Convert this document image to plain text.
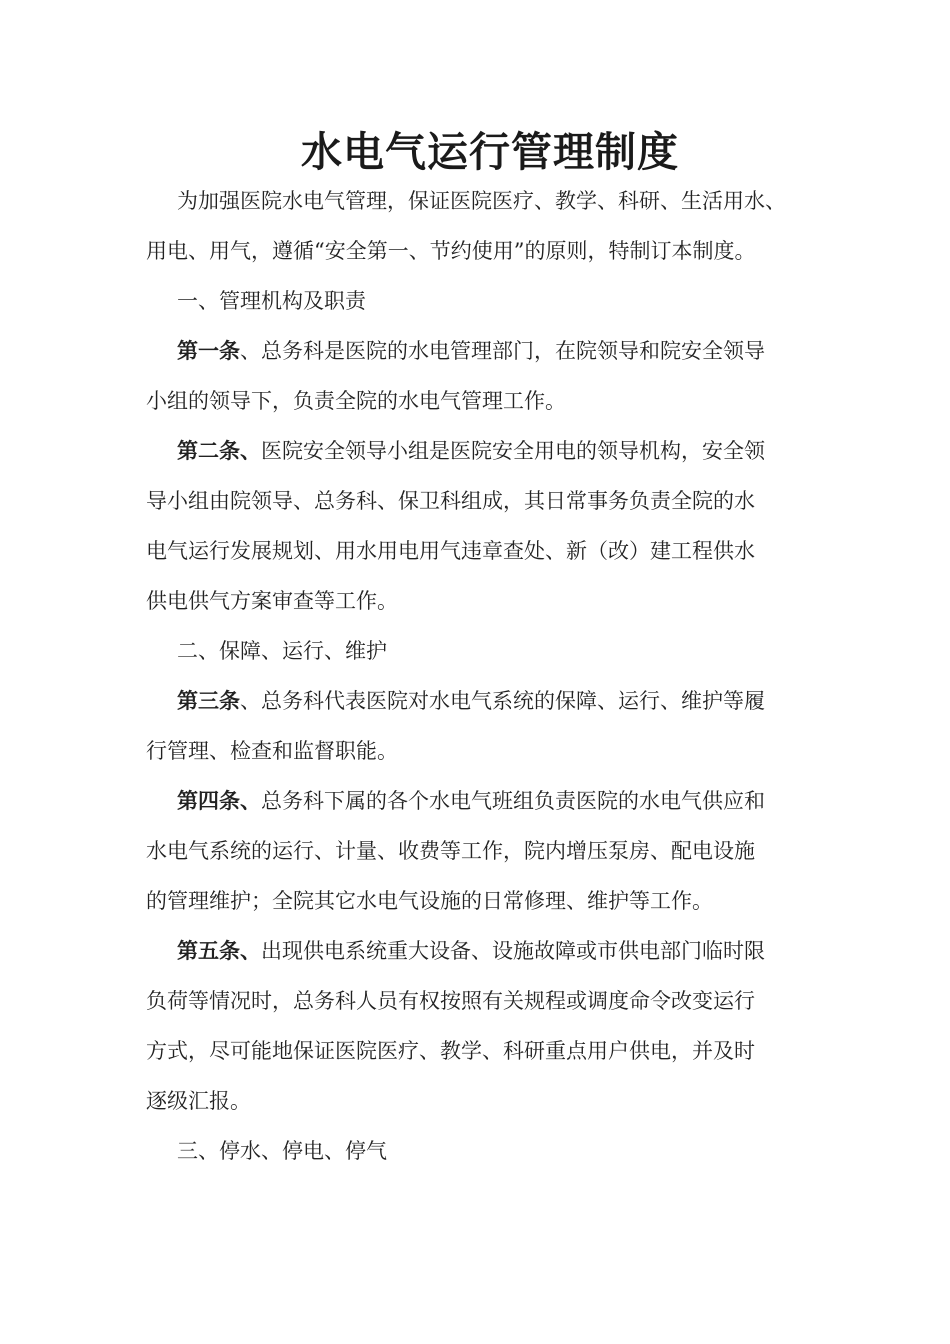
水电气运行管理制度
为加强医院水电气管理，保证医院医疗、教学、科研、生活用水、
用电、用气，遵循“安全第一、节约使用”的原则，特制订本制度。
一、管理机构及职责
第一条、总务科是医院的水电管理部门，在院领导和院安全领导
小组的领导下，负责全院的水电气管理工作。
第二条、医院安全领导小组是医院安全用电的领导机构，安全领
导小组由院领导、总务科、保卫科组成，其日常事务负责全院的水
电气运行发展规划、用水用电用气违章查处、新（改）建工程供水
供电供气方案审查等工作。
二、保障、运行、维护
第三条、总务科代表医院对水电气系统的保障、运行、维护等履
行管理、检查和监督职能。
第四条、总务科下属的各个水电气班组负责医院的水电气供应和
水电气系统的运行、计量、收费等工作，院内增压泵房、配电设施
的管理维护；全院其它水电气设施的日常修理、维护等工作。
第五条、出现供电系统重大设备、设施故障或市供电部门临时限
负荷等情况时，总务科人员有权按照有关规程或调度命令改变运行
方式，尽可能地保证医院医疗、教学、科研重点用户供电，并及时
逐级汇报。
三、停水、停电、停气
